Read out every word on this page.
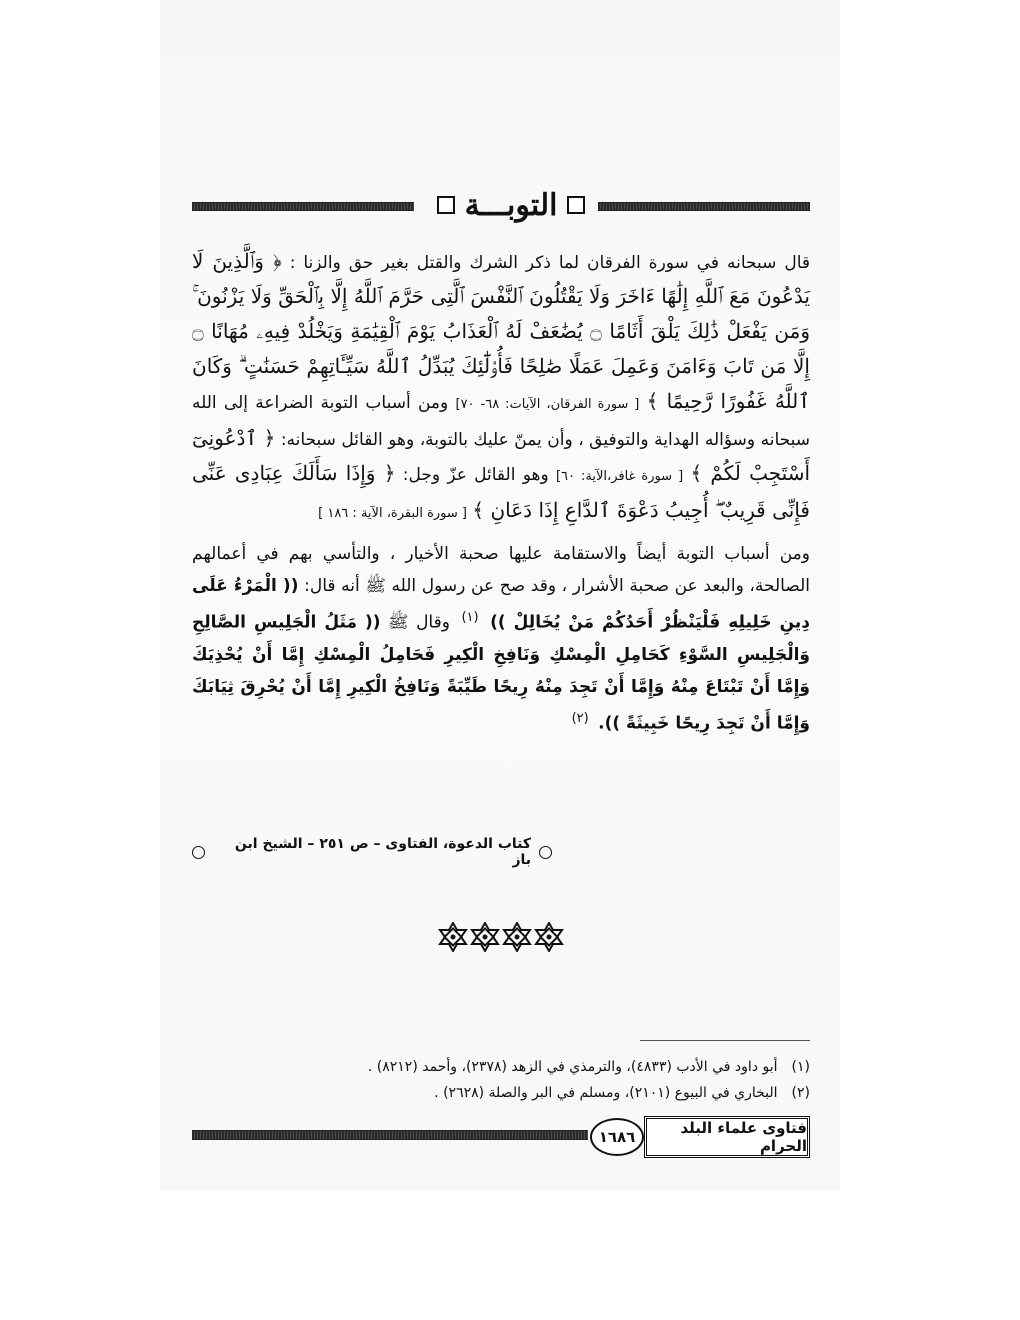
التوبـــة

قال سبحانه في سورة الفرقان لما ذكر الشرك والقتل بغير حق والزنا : ﴿ وَٱلَّذِينَ لَا يَدْعُونَ مَعَ ٱللَّهِ إِلَٰهًا ءَاخَرَ وَلَا يَقْتُلُونَ ٱلنَّفْسَ ٱلَّتِى حَرَّمَ ٱللَّهُ إِلَّا بِٱلْحَقِّ وَلَا يَزْنُونَ ۚ وَمَن يَفْعَلْ ذَٰلِكَ يَلْقَ أَثَامًا ۝ يُضَٰعَفْ لَهُ ٱلْعَذَابُ يَوْمَ ٱلْقِيَٰمَةِ وَيَخْلُدْ فِيهِۦ مُهَانًا ۝ إِلَّا مَن تَابَ وَءَامَنَ وَعَمِلَ عَمَلًا صَٰلِحًا فَأُو۟لَٰٓئِكَ يُبَدِّلُ ٱللَّهُ سَيِّـَٔاتِهِمْ حَسَنَٰتٍ ۗ وَكَانَ ٱللَّهُ غَفُورًا رَّحِيمًا ﴾ [ سورة الفرقان، الآيات: ٦٨- ٧٠] ومن أسباب التوبة الضراعة إلى الله سبحانه وسؤاله الهداية والتوفيق ، وأن يمنّ عليك بالتوبة، وهو القائل سبحانه: ﴿ ٱدْعُونِىٓ أَسْتَجِبْ لَكُمْ ﴾ [ سورة غافر،الآية: ٦٠] وهو القائل عزّ وجل: ﴿ وَإِذَا سَأَلَكَ عِبَادِى عَنِّى فَإِنِّى قَرِيبٌ ۖ أُجِيبُ دَعْوَةَ ٱلدَّاعِ إِذَا دَعَانِ ﴾ [ سورة البقرة، الآية : ١٨٦ ]

ومن أسباب التوبة أيضاً والاستقامة عليها صحبة الأخيار ، والتأسي بهم في أعمالهم الصالحة، والبعد عن صحبة الأشرار ، وقد صح عن رسول الله ﷺ أنه قال: (( الْمَرْءُ عَلَى دِينِ خَلِيلِهِ فَلْيَنْظُرْ أَحَدُكُمْ مَنْ يُخَالِلْ )) $^{(١)}$ وقال ﷺ (( مَثَلُ الْجَلِيسِ الصَّالِحِ وَالْجَلِيسِ السَّوْءِ كَحَامِلِ الْمِسْكِ وَنَافِخِ الْكِيرِ فَحَامِلُ الْمِسْكِ إِمَّا أَنْ يُحْذِيَكَ وَإِمَّا أَنْ تَبْتَاعَ مِنْهُ وَإِمَّا أَنْ تَجِدَ مِنْهُ رِيحًا طَيِّبَةً وَنَافِخُ الْكِيرِ إِمَّا أَنْ يُحْرِقَ ثِيَابَكَ وَإِمَّا أَنْ تَجِدَ رِيحًا خَبِيثَةً )). $^{(٢)}$

كتاب الدعوة، الفتاوى – ص ٢٥١ – الشيخ ابن باز
(١)
أبو داود في الأدب (٤٨٣٣)، والترمذي في الزهد (٢٣٧٨)، وأحمد (٨٢١٢) .
(٢)
البخاري في البيوع (٢١٠١)، ومسلم في البر والصلة (٢٦٢٨) .
١٦٨٦	فتاوى علماء البلد الحرام
